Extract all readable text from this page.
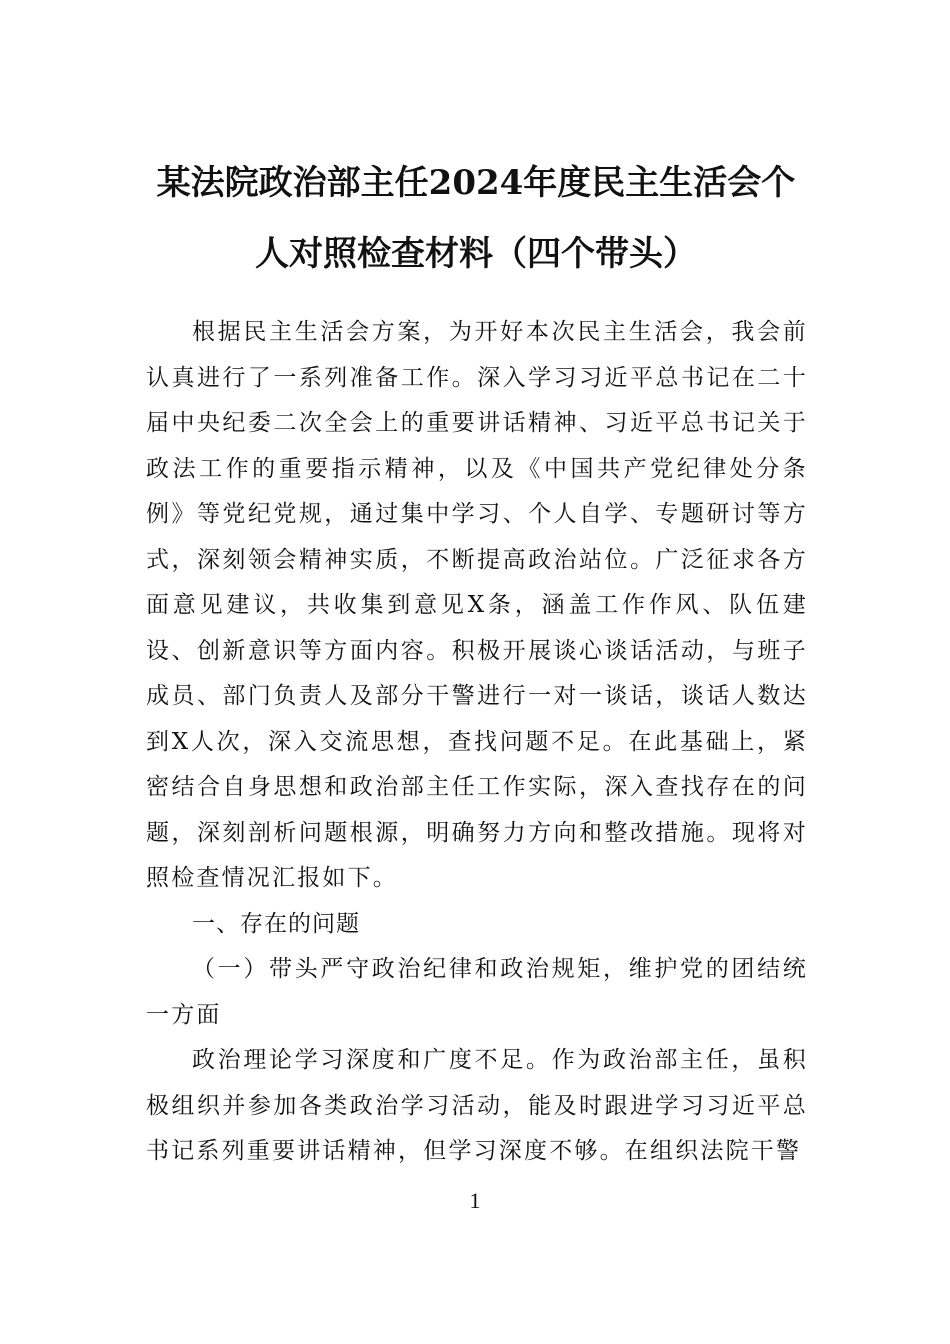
某法院政治部主任2024年度民主生活会个
人对照检查材料（四个带头）

根据民主生活会方案，为开好本次民主生活会，我会前认真进行了一系列准备工作。深入学习习近平总书记在二十届中央纪委二次全会上的重要讲话精神、习近平总书记关于政法工作的重要指示精神，以及《中国共产党纪律处分条例》等党纪党规，通过集中学习、个人自学、专题研讨等方式，深刻领会精神实质，不断提高政治站位。广泛征求各方面意见建议，共收集到意见X条，涵盖工作作风、队伍建设、创新意识等方面内容。积极开展谈心谈话活动，与班子成员、部门负责人及部分干警进行一对一谈话，谈话人数达到X人次，深入交流思想，查找问题不足。在此基础上，紧密结合自身思想和政治部主任工作实际，深入查找存在的问题，深刻剖析问题根源，明确努力方向和整改措施。现将对照检查情况汇报如下。

一、存在的问题

（一）带头严守政治纪律和政治规矩，维护党的团结统一方面

政治理论学习深度和广度不足。作为政治部主任，虽积极组织并参加各类政治学习活动，能及时跟进学习习近平总书记系列重要讲话精神，但学习深度不够。在组织法院干警

1
